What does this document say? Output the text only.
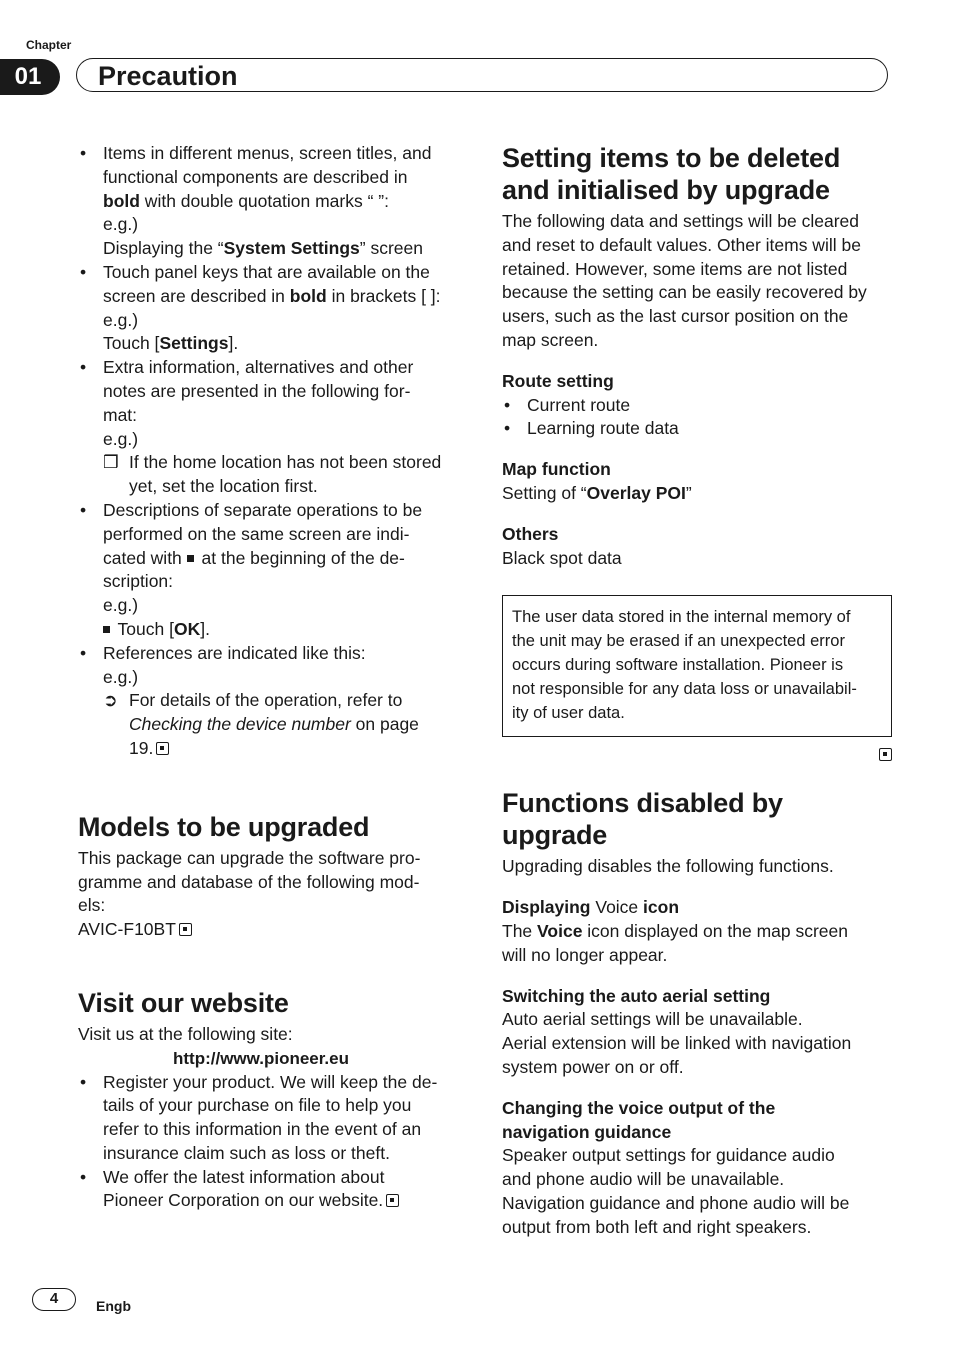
Chapter
01	Precaution
• Items in different menus, screen titles, and
functional components are described in
bold with double quotation marks “ ”:
e.g.)
Displaying the “System Settings” screen
• Touch panel keys that are available on the
screen are described in bold in brackets [ ]:
e.g.)
Touch [Settings].
• Extra information, alternatives and other
notes are presented in the following for-
mat:
e.g.)
❒ If the home location has not been stored
yet, set the location first.
• Descriptions of separate operations to be
performed on the same screen are indi-
cated with  at the beginning of the de-
scription:
e.g.)
Touch [OK].
• References are indicated like this:
e.g.)
➲ For details of the operation, refer to
Checking the device number on page
19.
Models to be upgraded
This package can upgrade the software pro-
gramme and database of the following mod-
els:
AVIC-F10BT
Visit our website
Visit us at the following site:
http://www.pioneer.eu
• Register your product. We will keep the de-
tails of your purchase on file to help you
refer to this information in the event of an
insurance claim such as loss or theft.
• We offer the latest information about
Pioneer Corporation on our website.
Setting items to be deleted
and initialised by upgrade
The following data and settings will be cleared
and reset to default values. Other items will be
retained. However, some items are not listed
because the setting can be easily recovered by
users, such as the last cursor position on the
map screen.
Route setting
• Current route
• Learning route data
Map function
Setting of “Overlay POI”
Others
Black spot data
The user data stored in the internal memory of
the unit may be erased if an unexpected error
occurs during software installation. Pioneer is
not responsible for any data loss or unavailabil-
ity of user data.
Functions disabled by upgrade
Upgrading disables the following functions.
Displaying Voice icon
The Voice icon displayed on the map screen
will no longer appear.
Switching the auto aerial setting
Auto aerial settings will be unavailable.
Aerial extension will be linked with navigation
system power on or off.
Changing the voice output of the
navigation guidance
Speaker output settings for guidance audio
and phone audio will be unavailable.
Navigation guidance and phone audio will be
output from both left and right speakers.
4	Engb
